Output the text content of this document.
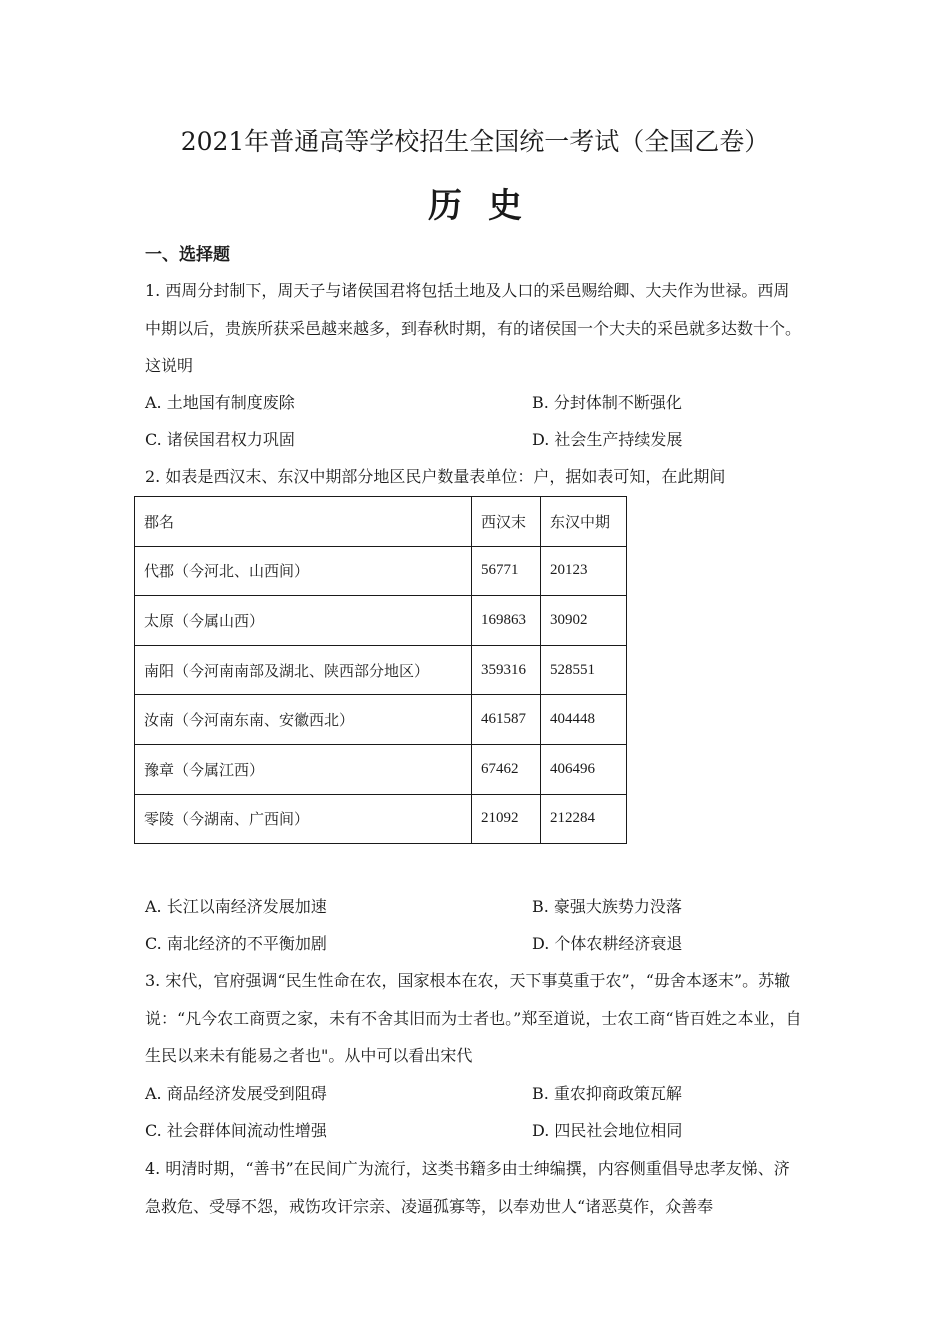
2021年普通高等学校招生全国统一考试（全国乙卷）
历史
一、选择题
1. 西周分封制下，周天子与诸侯国君将包括土地及人口的采邑赐给卿、大夫作为世禄。西周中期以后，贵族所获采邑越来越多，到春秋时期，有的诸侯国一个大夫的采邑就多达数十个。这说明
A. 土地国有制度废除	B. 分封体制不断强化
C. 诸侯国君权力巩固	D. 社会生产持续发展
2. 如表是西汉末、东汉中期部分地区民户数量表单位：户，据如表可知，在此期间
郡名	西汉末	东汉中期
代郡（今河北、山西间）	56771	20123
太原（今属山西）	169863	30902
南阳（今河南南部及湖北、陕西部分地区）	359316	528551
汝南（今河南东南、安徽西北）	461587	404448
豫章（今属江西）	67462	406496
零陵（今湖南、广西间）	21092	212284
A. 长江以南经济发展加速	B. 豪强大族势力没落
C. 南北经济的不平衡加剧	D. 个体农耕经济衰退
3. 宋代，官府强调“民生性命在农，国家根本在农，天下事莫重于农”，“毋舍本逐末”。苏辙说：“凡今农工商贾之家，未有不舍其旧而为士者也。”郑至道说，士农工商“皆百姓之本业，自生民以来未有能易之者也"。从中可以看出宋代
A. 商品经济发展受到阻碍	B. 重农抑商政策瓦解
C. 社会群体间流动性增强	D. 四民社会地位相同
4. 明清时期，“善书”在民间广为流行，这类书籍多由士绅编撰，内容侧重倡导忠孝友悌、济急救危、受辱不怨，戒饬攻讦宗亲、凌逼孤寡等，以奉劝世人“诸恶莫作，众善奉
